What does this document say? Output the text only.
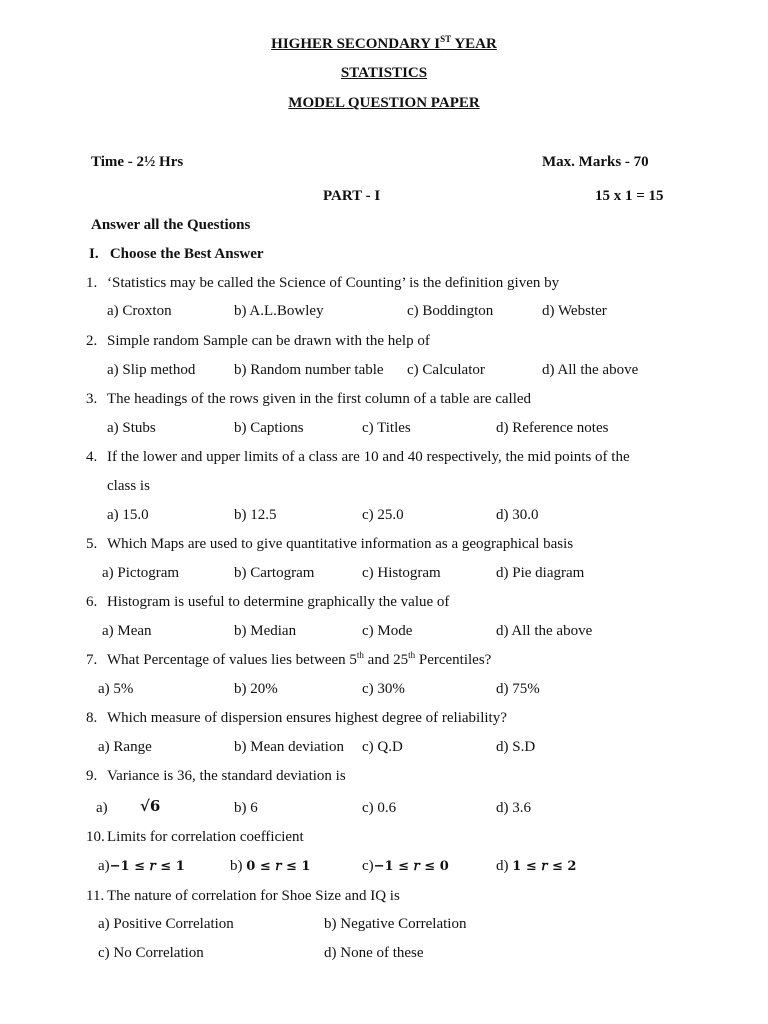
HIGHER SECONDARY IST YEAR
STATISTICS
MODEL QUESTION PAPER
Time - 2½ Hrs	Max. Marks - 70
PART - I	15 x 1 = 15
Answer all the Questions
I.   Choose the Best Answer
1. ‘Statistics may be called the Science of Counting’ is the definition given by
a) Croxton	b) A.L.Bowley	c) Boddington	d) Webster
2. Simple random Sample can be drawn with the help of
a) Slip method	b) Random number table c) Calculator	d) All the above
3. The headings of the rows given in the first column of a table are called
a) Stubs	b) Captions	c) Titles	d) Reference notes
4. If the lower and upper limits of a class are 10 and 40 respectively, the mid points of the
class is
a) 15.0	b) 12.5	c) 25.0	d) 30.0
5. Which Maps are used to give quantitative information as a geographical basis
a) Pictogram	b) Cartogram	c) Histogram	d) Pie diagram
6. Histogram is useful to determine graphically the value of
a) Mean	b) Median	c) Mode	d) All the above
7. What Percentage of values lies between 5th and 25th Percentiles?
a) 5%	b) 20%	c) 30%	d) 75%
8. Which measure of dispersion ensures highest degree of reliability?
a) Range	b) Mean deviation c) Q.D	d) S.D
9. Variance is 36, the standard deviation is
a) √6	b) 6	c) 0.6	d) 3.6
10. Limits for correlation coefficient
a)−1 ≤ 𝑟 ≤ 1	b) 0 ≤ 𝑟 ≤ 1	c)−1 ≤ 𝑟 ≤ 0	d) 1 ≤ 𝑟 ≤ 2
11. The nature of correlation for Shoe Size and IQ is
a) Positive Correlation	b) Negative Correlation
c) No Correlation	d) None of these
